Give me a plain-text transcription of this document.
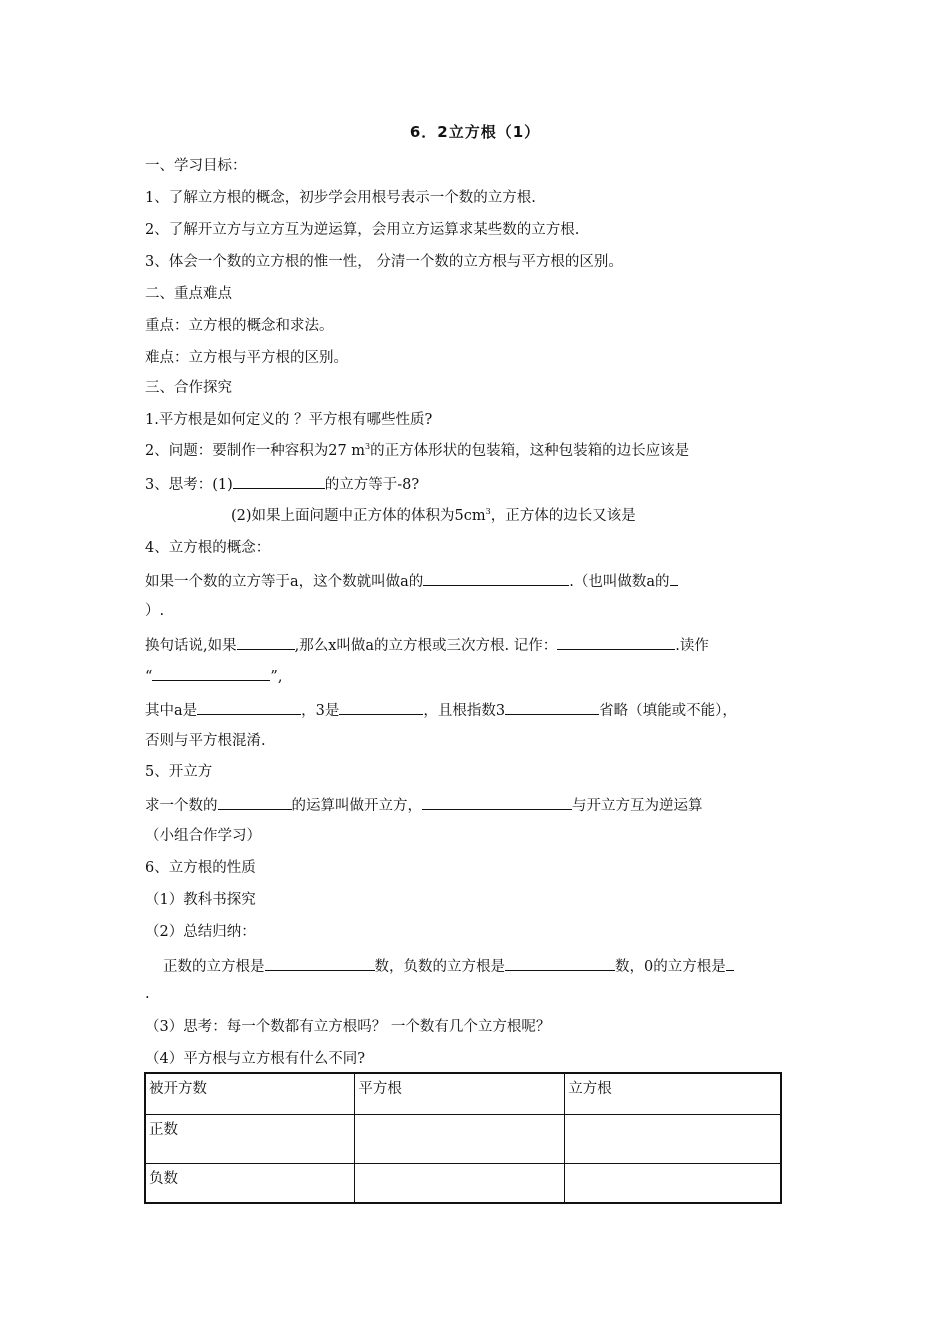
6．2立方根（1）
一、学习目标：
1、了解立方根的概念，初步学会用根号表示一个数的立方根.
2、了解开立方与立方互为逆运算，会用立方运算求某些数的立方根.
3、体会一个数的立方根的惟一性， 分清一个数的立方根与平方根的区别。
二、重点难点
重点：立方根的概念和求法。
难点：立方根与平方根的区别。
三、合作探究
1.平方根是如何定义的 ？平方根有哪些性质?
2、问题：要制作一种容积为27 $m^3$的正方体形状的包装箱，这种包装箱的边长应该是
3、思考：(1)	的立方等于-8?
(2)如果上面问题中正方体的体积为$5cm^3$，正方体的边长又该是
4、立方根的概念：
如果一个数的立方等于a，这个数就叫做a的	.（也叫做数a的
）.
换句话说,如果	,那么x叫做a的立方根或三次方根. 记作：	.读作
“	”,
其中a是	，3是	，且根指数3	省略（填能或不能），
否则与平方根混淆.
5、开立方
求一个数的	的运算叫做开立方，	与开立方互为逆运算
（小组合作学习）
6、立方根的性质
（1）教科书探究
（2）总结归纳：
正数的立方根是	数，负数的立方根是	数，0的立方根是
.
（3）思考：每一个数都有立方根吗？ 一个数有几个立方根呢？
（4）平方根与立方根有什么不同?
被开方数	平方根	立方根
正数		
负数		
